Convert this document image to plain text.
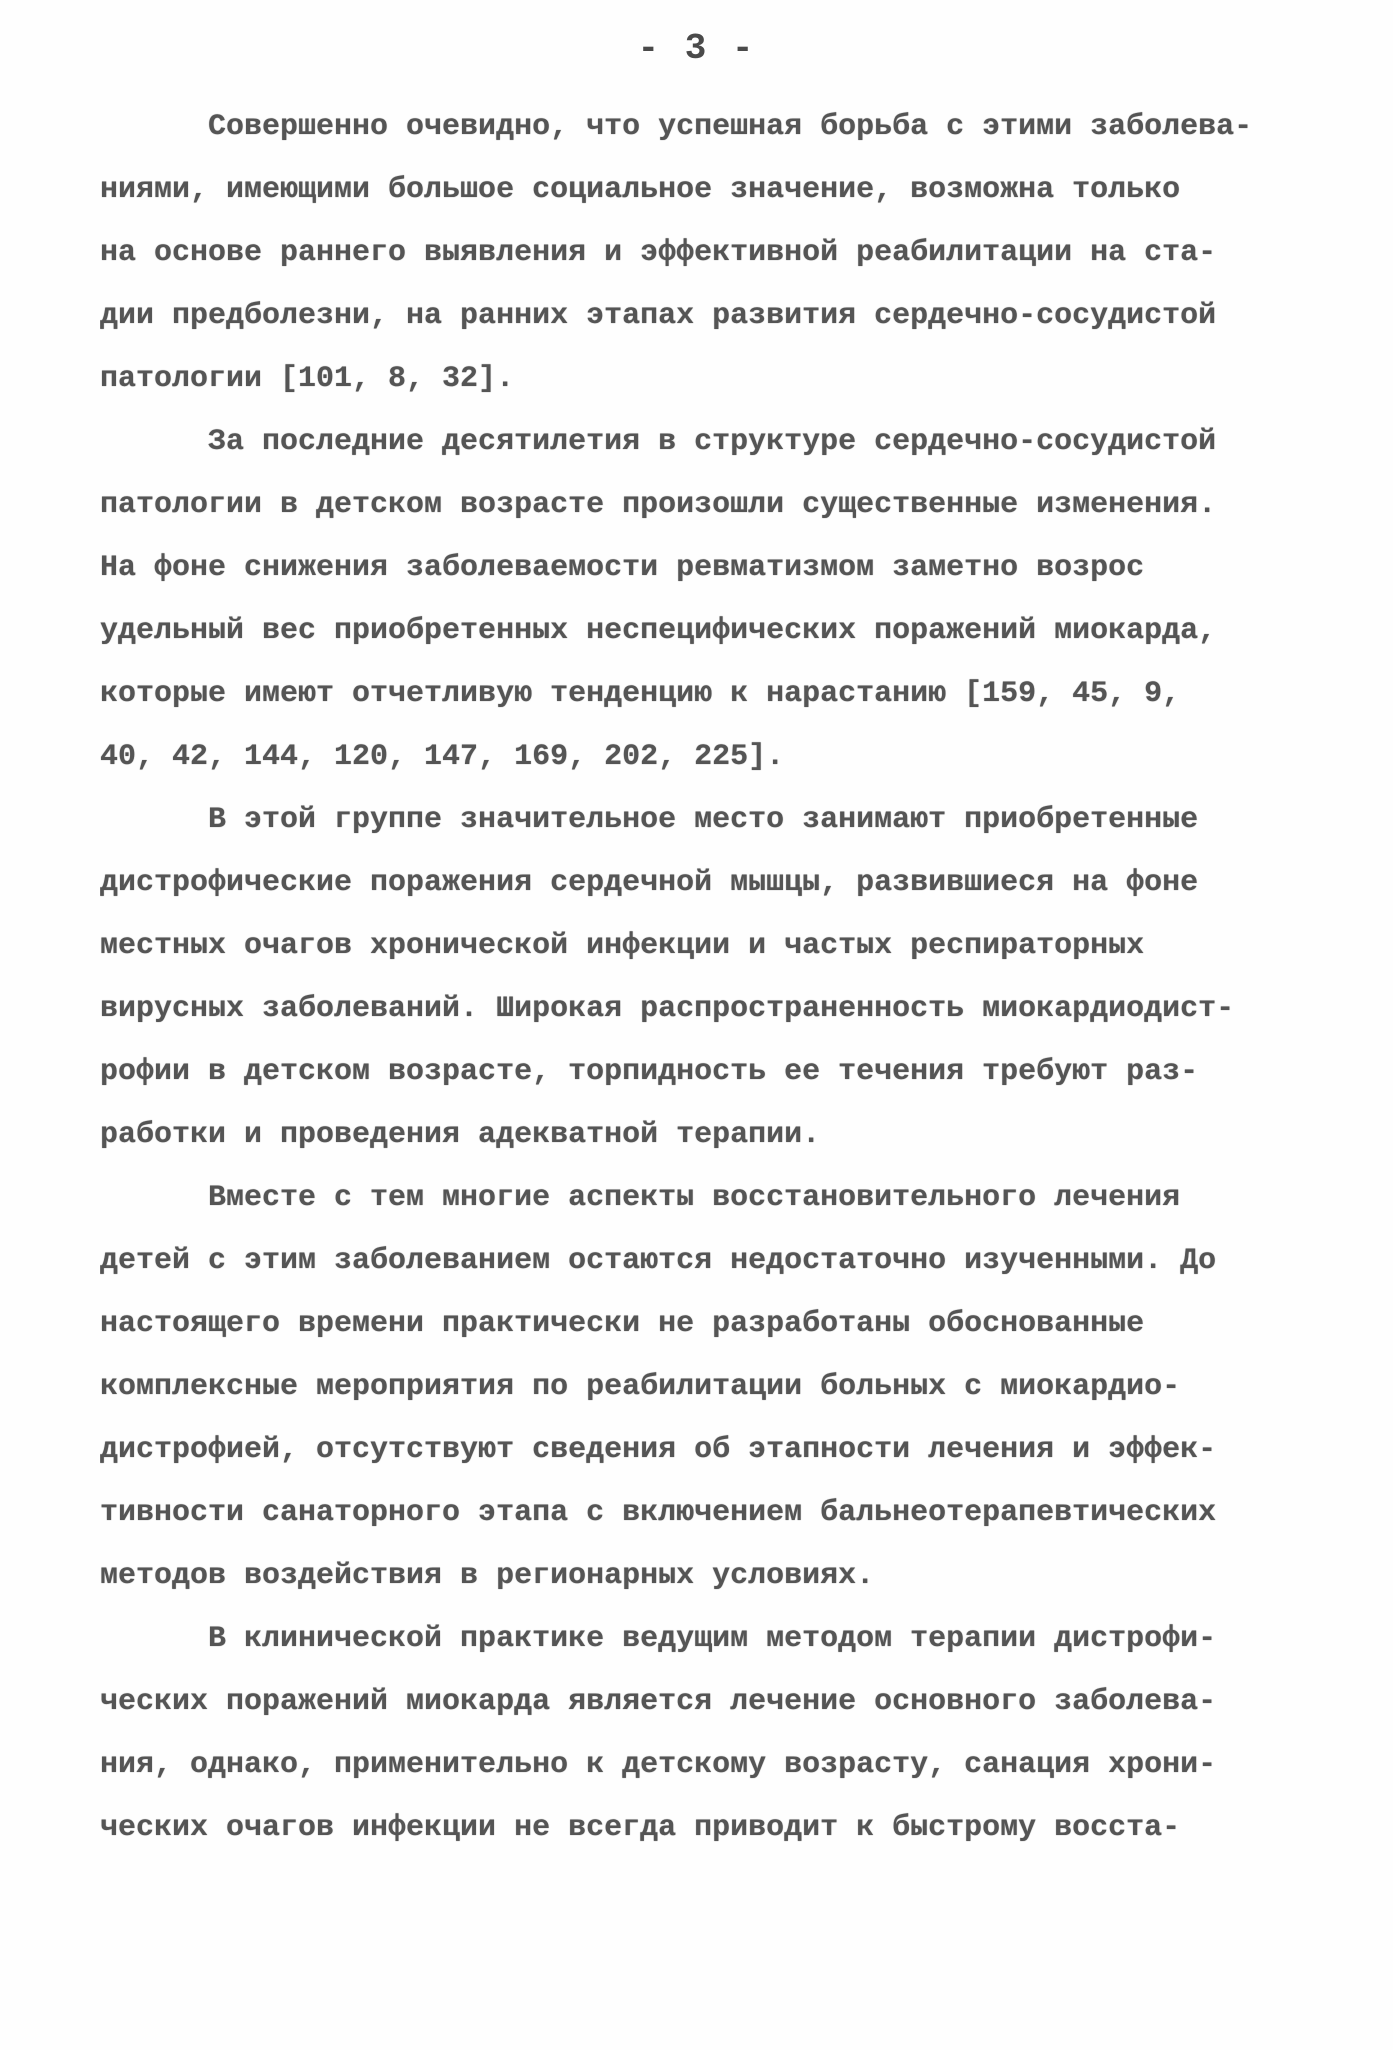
- 3 -

Совершенно очевидно, что успешная борьба с этими заболева-
ниями, имеющими большое социальное значение, возможна только
на основе раннего выявления и эффективной реабилитации на ста-
дии предболезни, на ранних этапах развития сердечно-сосудистой
патологии [101, 8, 32].

За последние десятилетия в структуре сердечно-сосудистой
патологии в детском возрасте произошли существенные изменения.
На фоне снижения заболеваемости ревматизмом заметно возрос
удельный вес приобретенных неспецифических поражений миокарда,
которые имеют отчетливую тенденцию к нарастанию [159, 45, 9,
40, 42, 144, 120, 147, 169, 202, 225].

В этой группе значительное место занимают приобретенные
дистрофические поражения сердечной мышцы, развившиеся на фоне
местных очагов хронической инфекции и частых респираторных
вирусных заболеваний. Широкая распространенность миокардиодист-
рофии в детском возрасте, торпидность ее течения требуют раз-
работки и проведения адекватной терапии.

Вместе с тем многие аспекты восстановительного лечения
детей с этим заболеванием остаются недостаточно изученными. До
настоящего времени практически не разработаны обоснованные
комплексные мероприятия по реабилитации больных с миокардио-
дистрофией, отсутствуют сведения об этапности лечения и эффек-
тивности санаторного этапа с включением бальнеотерапевтических
методов воздействия в регионарных условиях.

В клинической практике ведущим методом терапии дистрофи-
ческих поражений миокарда является лечение основного заболева-
ния, однако, применительно к детскому возрасту, санация хрони-
ческих очагов инфекции не всегда приводит к быстрому восста-
